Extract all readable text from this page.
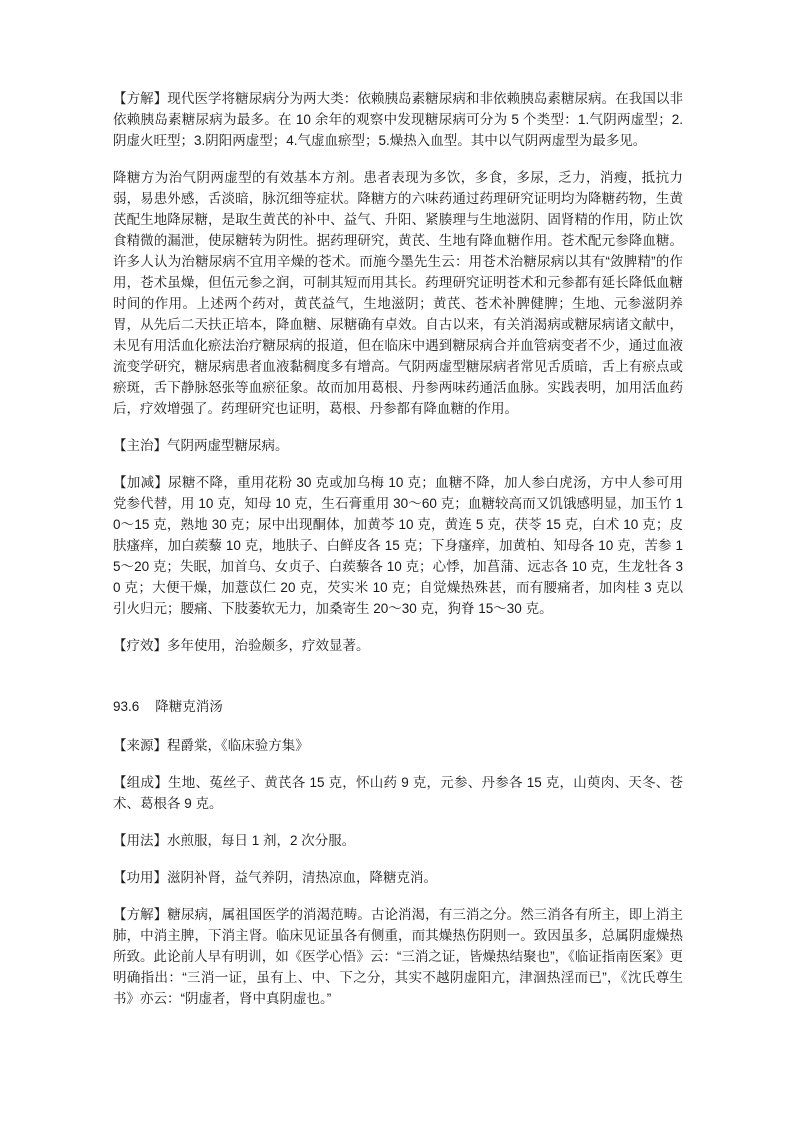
【方解】现代医学将糖尿病分为两大类：依赖胰岛素糖尿病和非依赖胰岛素糖尿病。在我国以非依赖胰岛素糖尿病为最多。在 10 余年的观察中发现糖尿病可分为 5 个类型：1.气阴两虚型；2.阴虚火旺型；3.阴阳两虚型；4.气虚血瘀型；5.燥热入血型。其中以气阴两虚型为最多见。

降糖方为治气阴两虚型的有效基本方剂。患者表现为多饮，多食，多尿，乏力，消瘦，抵抗力弱，易患外感，舌淡暗，脉沉细等症状。降糖方的六味药通过药理研究证明均为降糖药物，生黄芪配生地降尿糖，是取生黄芪的补中、益气、升阳、紧腠理与生地滋阴、固肾精的作用，防止饮食精微的漏泄，使尿糖转为阴性。据药理研究，黄芪、生地有降血糖作用。苍术配元参降血糖。许多人认为治糖尿病不宜用辛燥的苍术。而施今墨先生云：用苍术治糖尿病以其有“敛脾精”的作用，苍术虽燥，但伍元参之润，可制其短而用其长。药理研究证明苍术和元参都有延长降低血糖时间的作用。上述两个药对，黄芪益气，生地滋阴；黄芪、苍术补脾健脾；生地、元参滋阴养胃，从先后二天扶正培本，降血糖、尿糖确有卓效。自古以来，有关消渴病或糖尿病诸文献中，未见有用活血化瘀法治疗糖尿病的报道，但在临床中遇到糖尿病合并血管病变者不少，通过血液流变学研究，糖尿病患者血液黏稠度多有增高。气阴两虚型糖尿病者常见舌质暗，舌上有瘀点或瘀斑，舌下静脉怒张等血瘀征象。故而加用葛根、丹参两味药通活血脉。实践表明，加用活血药后，疗效增强了。药理研究也证明，葛根、丹参都有降血糖的作用。

【主治】气阴两虚型糖尿病。

【加减】尿糖不降，重用花粉 30 克或加乌梅 10 克；血糖不降，加人参白虎汤，方中人参可用党参代替，用 10 克，知母 10 克，生石膏重用 30～60 克；血糖较高而又饥饿感明显，加玉竹 10～15 克，熟地 30 克；尿中出现酮体，加黄芩 10 克，黄连 5 克，茯苓 15 克，白术 10 克；皮肤瘙痒，加白蒺藜 10 克，地肤子、白鲜皮各 15 克；下身瘙痒，加黄柏、知母各 10 克，苦参 15～20 克；失眠，加首乌、女贞子、白蒺藜各 10 克；心悸，加菖蒲、远志各 10 克，生龙牡各 30 克；大便干燥，加薏苡仁 20 克，芡实米 10 克；自觉燥热殊甚，而有腰痛者，加肉桂 3 克以引火归元；腰痛、下肢萎软无力，加桑寄生 20～30 克，狗脊 15～30 克。

【疗效】多年使用，治验颇多，疗效显著。

93.6 降糖克消汤

【来源】程爵棠，《临床验方集》

【组成】生地、菟丝子、黄芪各 15 克，怀山药 9 克，元参、丹参各 15 克，山萸肉、天冬、苍术、葛根各 9 克。

【用法】水煎服，每日 1 剂，2 次分服。

【功用】滋阴补肾，益气养阴，清热凉血，降糖克消。

【方解】糖尿病，属祖国医学的消渴范畴。古论消渴，有三消之分。然三消各有所主，即上消主肺，中消主脾，下消主肾。临床见证虽各有侧重，而其燥热伤阴则一。致因虽多，总属阴虚燥热所致。此论前人早有明训，如《医学心悟》云：“三消之证，皆燥热结聚也”，《临证指南医案》更明确指出：“三消一证，虽有上、中、下之分，其实不越阴虚阳亢，津涸热淫而已”，《沈氏尊生书》亦云：“阴虚者，肾中真阴虚也。”
